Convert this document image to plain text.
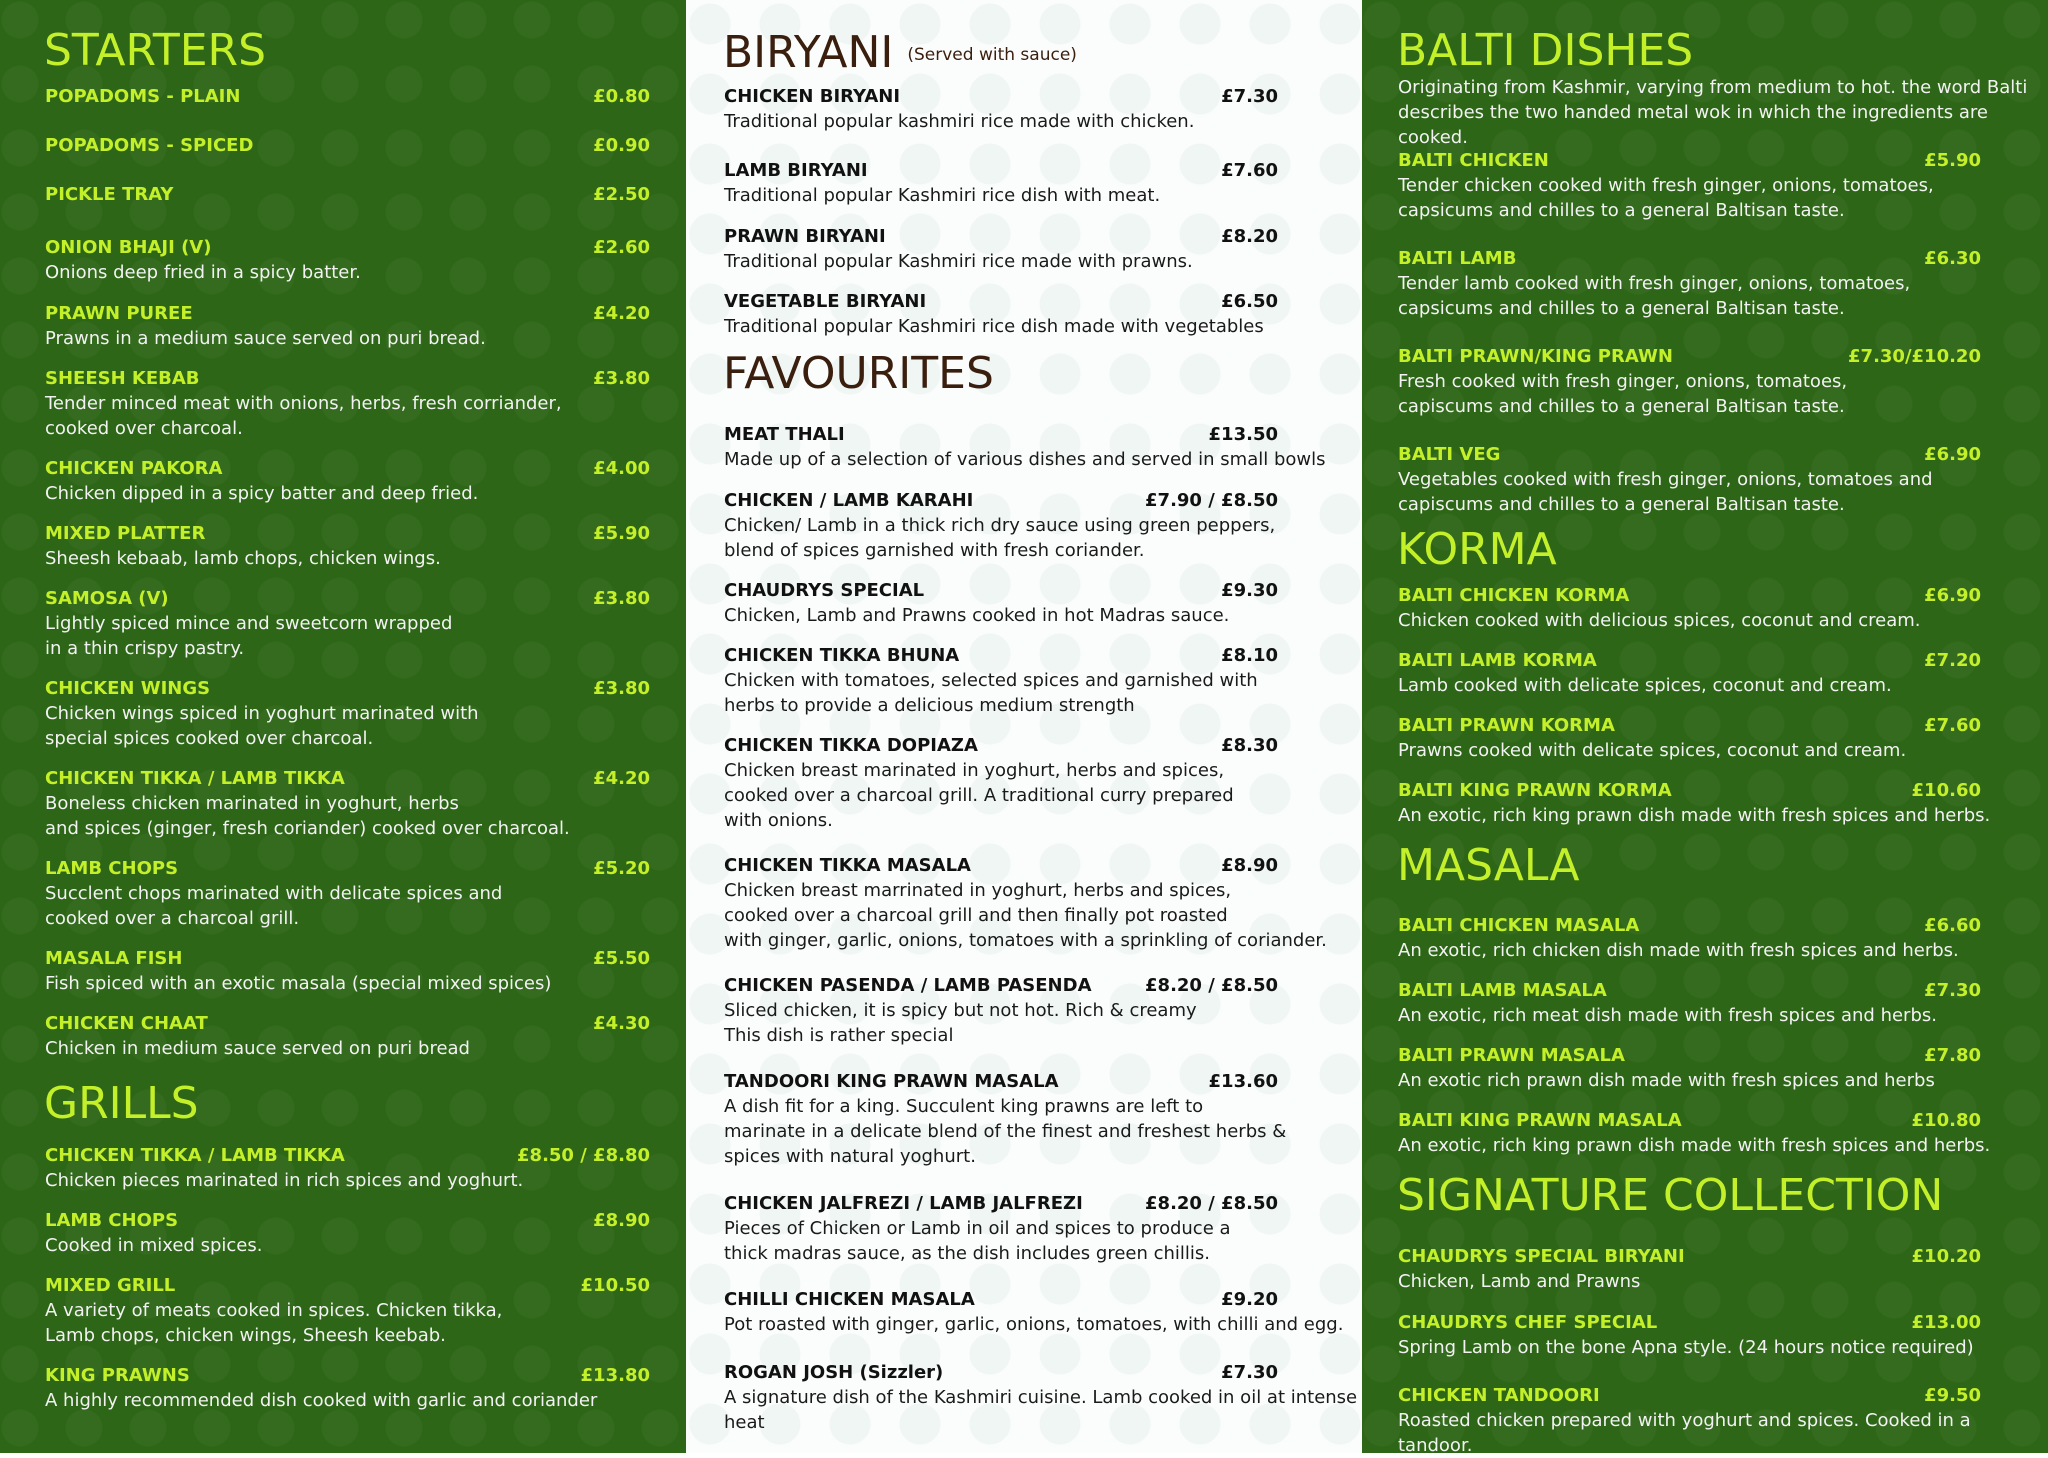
STARTERS
POPADOMS - PLAIN	£0.80
POPADOMS - SPICED	£0.90
PICKLE TRAY	£2.50
ONION BHAJI (V)	£2.60
Onions deep fried in a spicy batter.
PRAWN PUREE	£4.20
Prawns in a medium sauce served on puri bread.
SHEESH KEBAB	£3.80
Tender minced meat with onions, herbs, fresh corriander,
cooked over charcoal.
CHICKEN PAKORA	£4.00
Chicken dipped in a spicy batter and deep fried.
MIXED PLATTER	£5.90
Sheesh kebaab, lamb chops, chicken wings.
SAMOSA (V)	£3.80
Lightly spiced mince and sweetcorn wrapped
in a thin crispy pastry.
CHICKEN WINGS	£3.80
Chicken wings spiced in yoghurt marinated with
special spices cooked over charcoal.
CHICKEN TIKKA / LAMB TIKKA	£4.20
Boneless chicken marinated in yoghurt, herbs
and spices (ginger, fresh coriander) cooked over charcoal.
LAMB CHOPS	£5.20
Succlent chops marinated with delicate spices and
cooked over a charcoal grill.
MASALA FISH	£5.50
Fish spiced with an exotic masala (special mixed spices)
CHICKEN CHAAT	£4.30
Chicken in medium sauce served on puri bread
GRILLS
CHICKEN TIKKA / LAMB TIKKA	£8.50 / £8.80
Chicken pieces marinated in rich spices and yoghurt.
LAMB CHOPS	£8.90
Cooked in mixed spices.
MIXED GRILL	£10.50
A variety of meats cooked in spices. Chicken tikka,
Lamb chops, chicken wings, Sheesh keebab.
KING PRAWNS	£13.80
A highly recommended dish cooked with garlic and coriander
BIRYANI (Served with sauce)
CHICKEN BIRYANI	£7.30
Traditional popular kashmiri rice made with chicken.
LAMB BIRYANI	£7.60
Traditional popular Kashmiri rice dish with meat.
PRAWN BIRYANI	£8.20
Traditional popular Kashmiri rice made with prawns.
VEGETABLE BIRYANI	£6.50
Traditional popular Kashmiri rice dish made with vegetables
FAVOURITES
MEAT THALI	£13.50
Made up of a selection of various dishes and served in small bowls
CHICKEN / LAMB KARAHI	£7.90 / £8.50
Chicken/ Lamb in a thick rich dry sauce using green peppers,
blend of spices garnished with fresh coriander.
CHAUDRYS SPECIAL	£9.30
Chicken, Lamb and Prawns cooked in hot Madras sauce.
CHICKEN TIKKA BHUNA	£8.10
Chicken with tomatoes, selected spices and garnished with
herbs to provide a delicious medium strength
CHICKEN TIKKA DOPIAZA	£8.30
Chicken breast marinated in yoghurt, herbs and spices,
cooked over a charcoal grill. A traditional curry prepared
with onions.
CHICKEN TIKKA MASALA	£8.90
Chicken breast marrinated in yoghurt, herbs and spices,
cooked over a charcoal grill and then finally pot roasted
with ginger, garlic, onions, tomatoes with a sprinkling of coriander.
CHICKEN PASENDA / LAMB PASENDA	£8.20 / £8.50
Sliced chicken, it is spicy but not hot. Rich & creamy
This dish is rather special
TANDOORI KING PRAWN MASALA	£13.60
A dish fit for a king. Succulent king prawns are left to
marinate in a delicate blend of the finest and freshest herbs &
spices with natural yoghurt.
CHICKEN JALFREZI / LAMB JALFREZI	£8.20 / £8.50
Pieces of Chicken or Lamb in oil and spices to produce a
thick madras sauce, as the dish includes green chillis.
CHILLI CHICKEN MASALA	£9.20
Pot roasted with ginger, garlic, onions, tomatoes, with chilli and egg.
ROGAN JOSH (Sizzler)	£7.30
A signature dish of the Kashmiri cuisine. Lamb cooked in oil at intense heat
BALTI DISHES
Originating from Kashmir, varying from medium to hot. the word Balti
describes the two handed metal wok in which the ingredients are cooked.
BALTI CHICKEN	£5.90
Tender chicken cooked with fresh ginger, onions, tomatoes,
capsicums and chilles to a general Baltisan taste.
BALTI LAMB	£6.30
Tender lamb cooked with fresh ginger, onions, tomatoes,
capsicums and chilles to a general Baltisan taste.
BALTI PRAWN/KING PRAWN	£7.30/£10.20
Fresh cooked with fresh ginger, onions, tomatoes,
capiscums and chilles to a general Baltisan taste.
BALTI VEG	£6.90
Vegetables cooked with fresh ginger, onions, tomatoes and
capiscums and chilles to a general Baltisan taste.
KORMA
BALTI CHICKEN KORMA	£6.90
Chicken cooked with delicious spices, coconut and cream.
BALTI LAMB KORMA	£7.20
Lamb cooked with delicate spices, coconut and cream.
BALTI PRAWN KORMA	£7.60
Prawns cooked with delicate spices, coconut and cream.
BALTI KING PRAWN KORMA	£10.60
An exotic, rich king prawn dish made with fresh spices and herbs.
MASALA
BALTI CHICKEN MASALA	£6.60
An exotic, rich chicken dish made with fresh spices and herbs.
BALTI LAMB MASALA	£7.30
An exotic, rich meat dish made with fresh spices and herbs.
BALTI PRAWN MASALA	£7.80
An exotic rich prawn dish made with fresh spices and herbs
BALTI KING PRAWN MASALA	£10.80
An exotic, rich king prawn dish made with fresh spices and herbs.
SIGNATURE COLLECTION
CHAUDRYS SPECIAL BIRYANI	£10.20
Chicken, Lamb and Prawns
CHAUDRYS CHEF SPECIAL	£13.00
Spring Lamb on the bone Apna style. (24 hours notice required)
CHICKEN TANDOORI	£9.50
Roasted chicken prepared with yoghurt and spices. Cooked in a tandoor.
